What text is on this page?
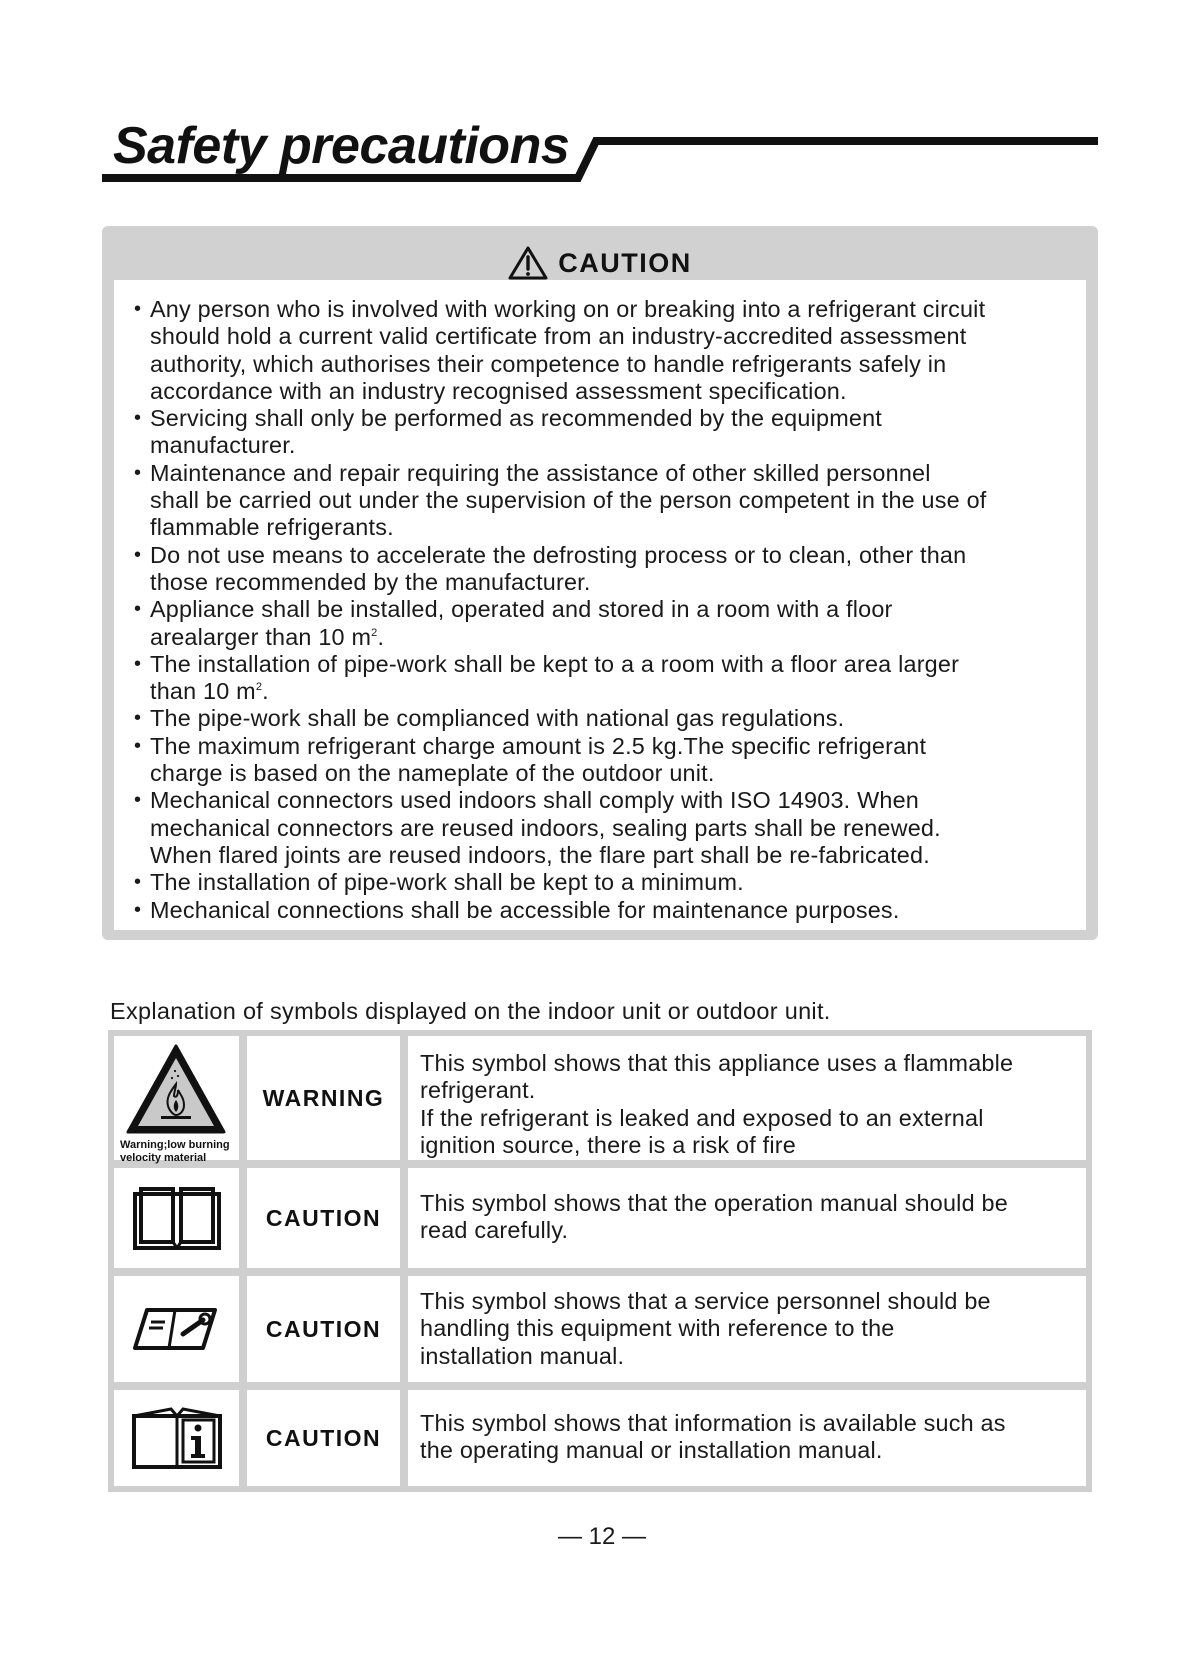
Safety precautions
CAUTION
• Any person who is involved with working on or breaking into a refrigerant circuit
should hold a current valid certificate from an industry-accredited assessment
authority, which authorises their competence to handle refrigerants safely in
accordance with an industry recognised assessment specification.
• Servicing shall only be performed as recommended by the equipment
manufacturer.
• Maintenance and repair requiring the assistance of other skilled personnel
shall be carried out under the supervision of the person competent in the use of
flammable refrigerants.
• Do not use means to accelerate the defrosting process or to clean, other than
those recommended by the manufacturer.
• Appliance shall be installed, operated and stored in a room with a floor
arealarger than 10 $m^2$.
• The installation of pipe-work shall be kept to a a room with a floor area larger
than 10 $m^2$.
• The pipe-work shall be complianced with national gas regulations.
• The maximum refrigerant charge amount is 2.5 kg.The specific refrigerant
charge is based on the nameplate of the outdoor unit.
• Mechanical connectors used indoors shall comply with ISO 14903. When
mechanical connectors are reused indoors, sealing parts shall be renewed.
When flared joints are reused indoors, the flare part shall be re-fabricated.
• The installation of pipe-work shall be kept to a minimum.
• Mechanical connections shall be accessible for maintenance purposes.

Explanation of symbols displayed on the indoor unit or outdoor unit.

Warning;low burning
velocity material
WARNING

This symbol shows that this appliance uses a flammable
refrigerant.
If the refrigerant is leaked and exposed to an external
ignition source, there is a risk of fire

CAUTION

This symbol shows that the operation manual should be
read carefully.

CAUTION

This symbol shows that a service personnel should be
handling this equipment with reference to the
installation manual.

CAUTION

This symbol shows that information is available such as
the operating manual or installation manual.

— 12 —
